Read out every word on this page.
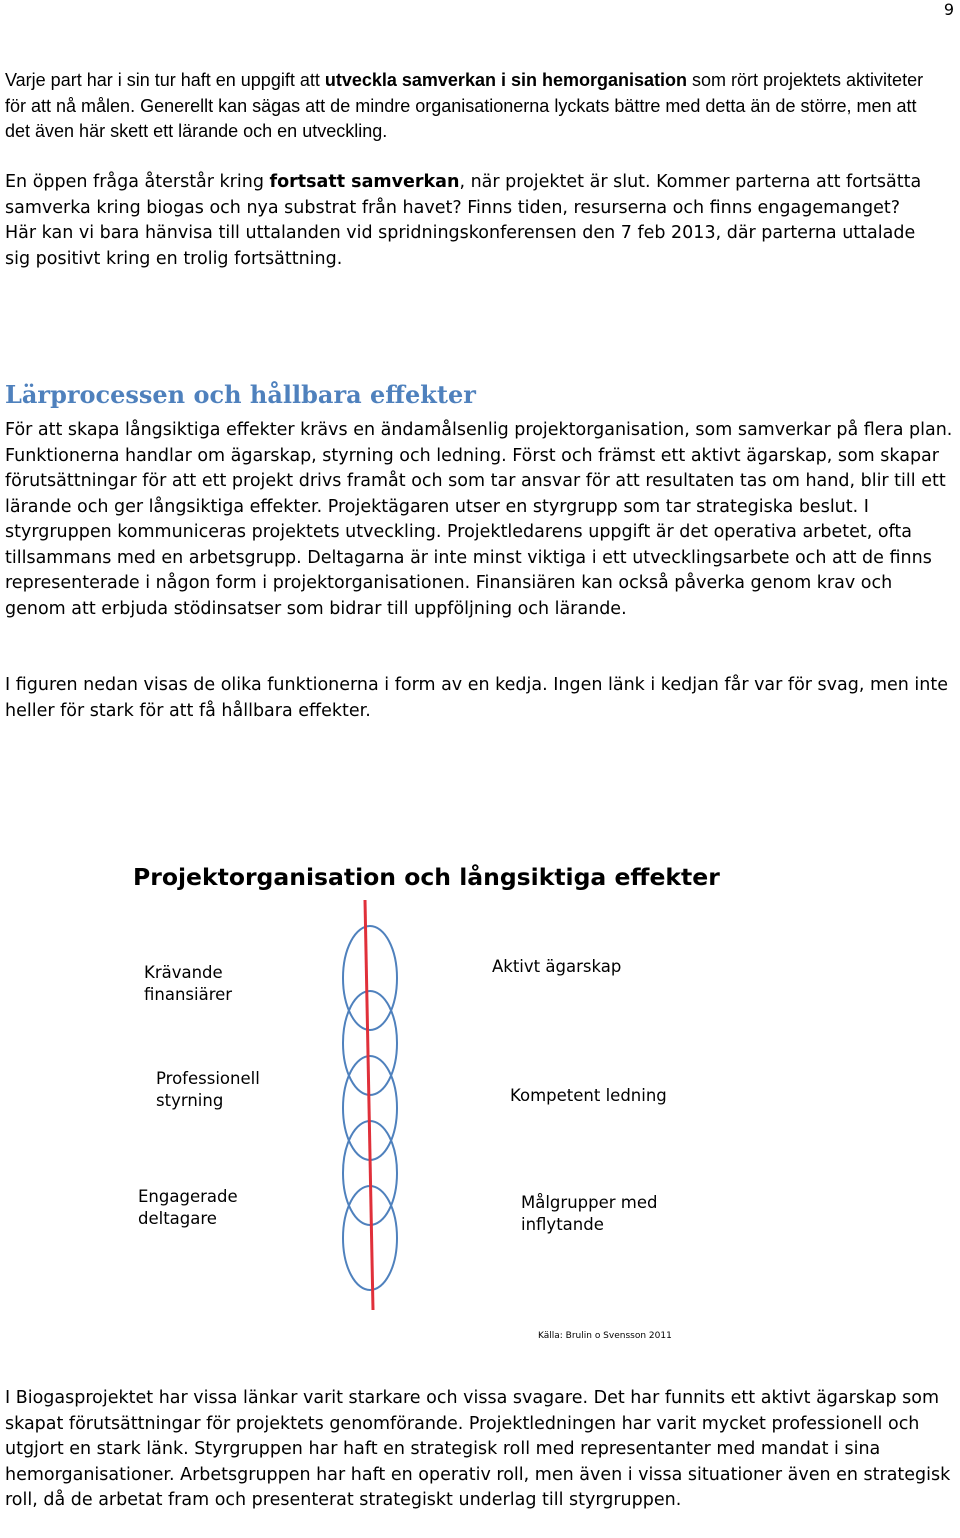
9

Varje part har i sin tur haft en uppgift att utveckla samverkan i sin hemorganisation som rört projektets aktiviteter för att nå målen. Generellt kan sägas att de mindre organisationerna lyckats bättre med detta än de större, men att det även här skett ett lärande och en utveckling.

En öppen fråga återstår kring fortsatt samverkan, när projektet är slut. Kommer parterna att fortsätta samverka kring biogas och nya substrat från havet? Finns tiden, resurserna och finns engagemanget?
Här kan vi bara hänvisa till uttalanden vid spridningskonferensen den 7 feb 2013, där parterna uttalade sig positivt kring en trolig fortsättning.

Lärprocessen och hållbara effekter

För att skapa långsiktiga effekter krävs en ändamålsenlig projektorganisation, som samverkar på flera plan. Funktionerna handlar om ägarskap, styrning och ledning. Först och främst ett aktivt ägarskap, som skapar förutsättningar för att ett projekt drivs framåt och som tar ansvar för att resultaten tas om hand, blir till ett lärande och ger långsiktiga effekter. Projektägaren utser en styrgrupp som tar strategiska beslut. I styrgruppen kommuniceras projektets utveckling. Projektledarens uppgift är det operativa arbetet, ofta tillsammans med en arbetsgrupp. Deltagarna är inte minst viktiga i ett utvecklingsarbete och att de finns representerade i någon form i projektorganisationen. Finansiären kan också påverka genom krav och genom att erbjuda stödinsatser som bidrar till uppföljning och lärande.

I figuren nedan visas de olika funktionerna i form av en kedja. Ingen länk i kedjan får var för svag, men inte heller för stark för att få hållbara effekter.

Projektorganisation och långsiktiga effekter
Krävande
finansiärer
Aktivt ägarskap
Professionell
styrning	Kompetent ledning
Engagerade
deltagare
Målgrupper med
inflytande
Källa: Brulin o Svensson 2011

I Biogasprojektet har vissa länkar varit starkare och vissa svagare. Det har funnits ett aktivt ägarskap som skapat förutsättningar för projektets genomförande. Projektledningen har varit mycket professionell och utgjort en stark länk. Styrgruppen har haft en strategisk roll med representanter med mandat i sina hemorganisationer. Arbetsgruppen har haft en operativ roll, men även i vissa situationer även en strategisk roll, då de arbetat fram och presenterat strategiskt underlag till styrgruppen.
